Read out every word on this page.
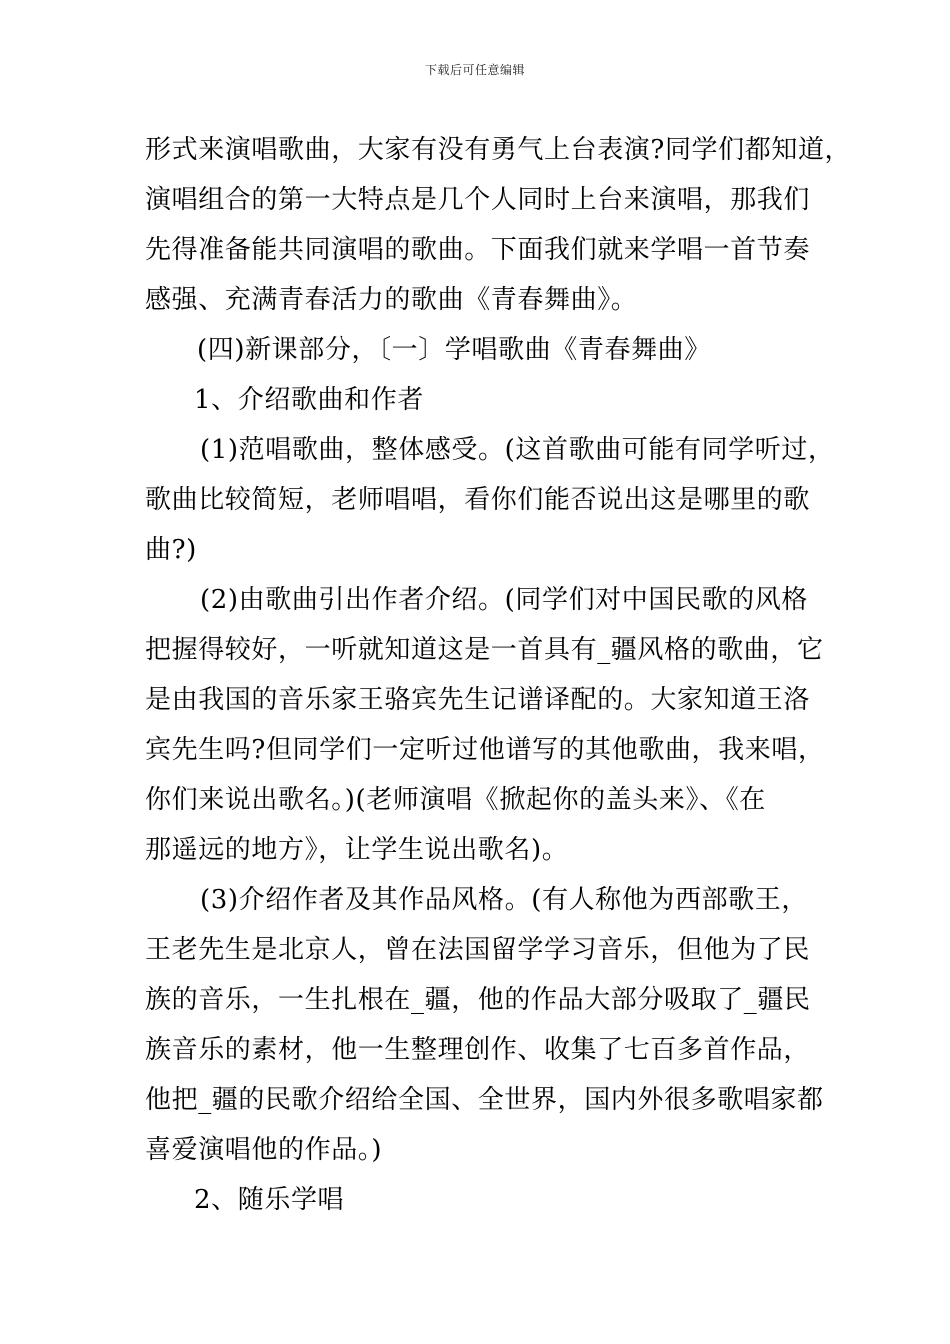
下载后可任意编辑
形式来演唱歌曲，大家有没有勇气上台表演?同学们都知道，
演唱组合的第一大特点是几个人同时上台来演唱，那我们
先得准备能共同演唱的歌曲。下面我们就来学唱一首节奏
感强、充满青春活力的歌曲《青春舞曲》。
(四)新课部分，〔一〕学唱歌曲《青春舞曲》
1、介绍歌曲和作者
(1)范唱歌曲，整体感受。(这首歌曲可能有同学听过，
歌曲比较简短，老师唱唱，看你们能否说出这是哪里的歌
曲?)
(2)由歌曲引出作者介绍。(同学们对中国民歌的风格
把握得较好，一听就知道这是一首具有_疆风格的歌曲，它
是由我国的音乐家王骆宾先生记谱译配的。大家知道王洛
宾先生吗?但同学们一定听过他谱写的其他歌曲，我来唱，
你们来说出歌名。)(老师演唱《掀起你的盖头来》、《在
那遥远的地方》，让学生说出歌名)。
(3)介绍作者及其作品风格。(有人称他为西部歌王，
王老先生是北京人，曾在法国留学学习音乐，但他为了民
族的音乐，一生扎根在_疆，他的作品大部分吸取了_疆民
族音乐的素材，他一生整理创作、收集了七百多首作品，
他把_疆的民歌介绍给全国、全世界，国内外很多歌唱家都
喜爱演唱他的作品。)
2、随乐学唱
